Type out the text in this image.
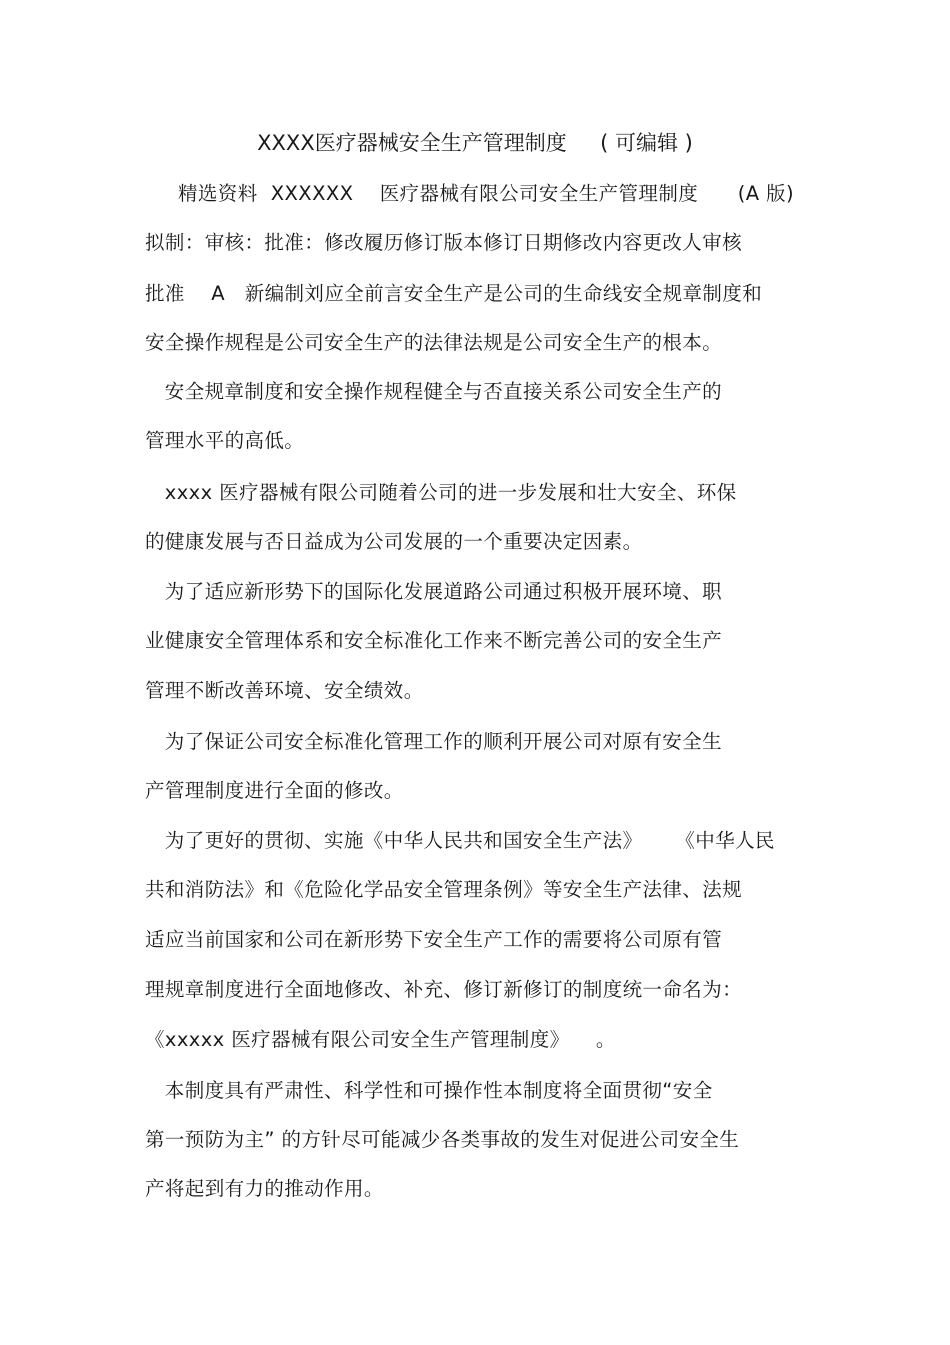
XXXX医疗器械安全生产管理制度     ( 可编辑 )
精选资料  XXXXXX    医疗器械有限公司安全生产管理制度      (A 版)
拟制：审核：批准：修改履历修订版本修订日期修改内容更改人审核
批准    A   新编制刘应全前言安全生产是公司的生命线安全规章制度和
安全操作规程是公司安全生产的法律法规是公司安全生产的根本。
安全规章制度和安全操作规程健全与否直接关系公司安全生产的
管理水平的高低。
xxxx 医疗器械有限公司随着公司的进一步发展和壮大安全、环保
的健康发展与否日益成为公司发展的一个重要决定因素。
为了适应新形势下的国际化发展道路公司通过积极开展环境、职
业健康安全管理体系和安全标准化工作来不断完善公司的安全生产
管理不断改善环境、安全绩效。
为了保证公司安全标准化管理工作的顺利开展公司对原有安全生
产管理制度进行全面的修改。
为了更好的贯彻、实施《中华人民共和国安全生产法》     《中华人民
共和消防法》和《危险化学品安全管理条例》等安全生产法律、法规
适应当前国家和公司在新形势下安全生产工作的需要将公司原有管
理规章制度进行全面地修改、补充、修订新修订的制度统一命名为：
《xxxxx 医疗器械有限公司安全生产管理制度》    。
本制度具有严肃性、科学性和可操作性本制度将全面贯彻“安全
第一预防为主” 的方针尽可能减少各类事故的发生对促进公司安全生
产将起到有力的推动作用。
